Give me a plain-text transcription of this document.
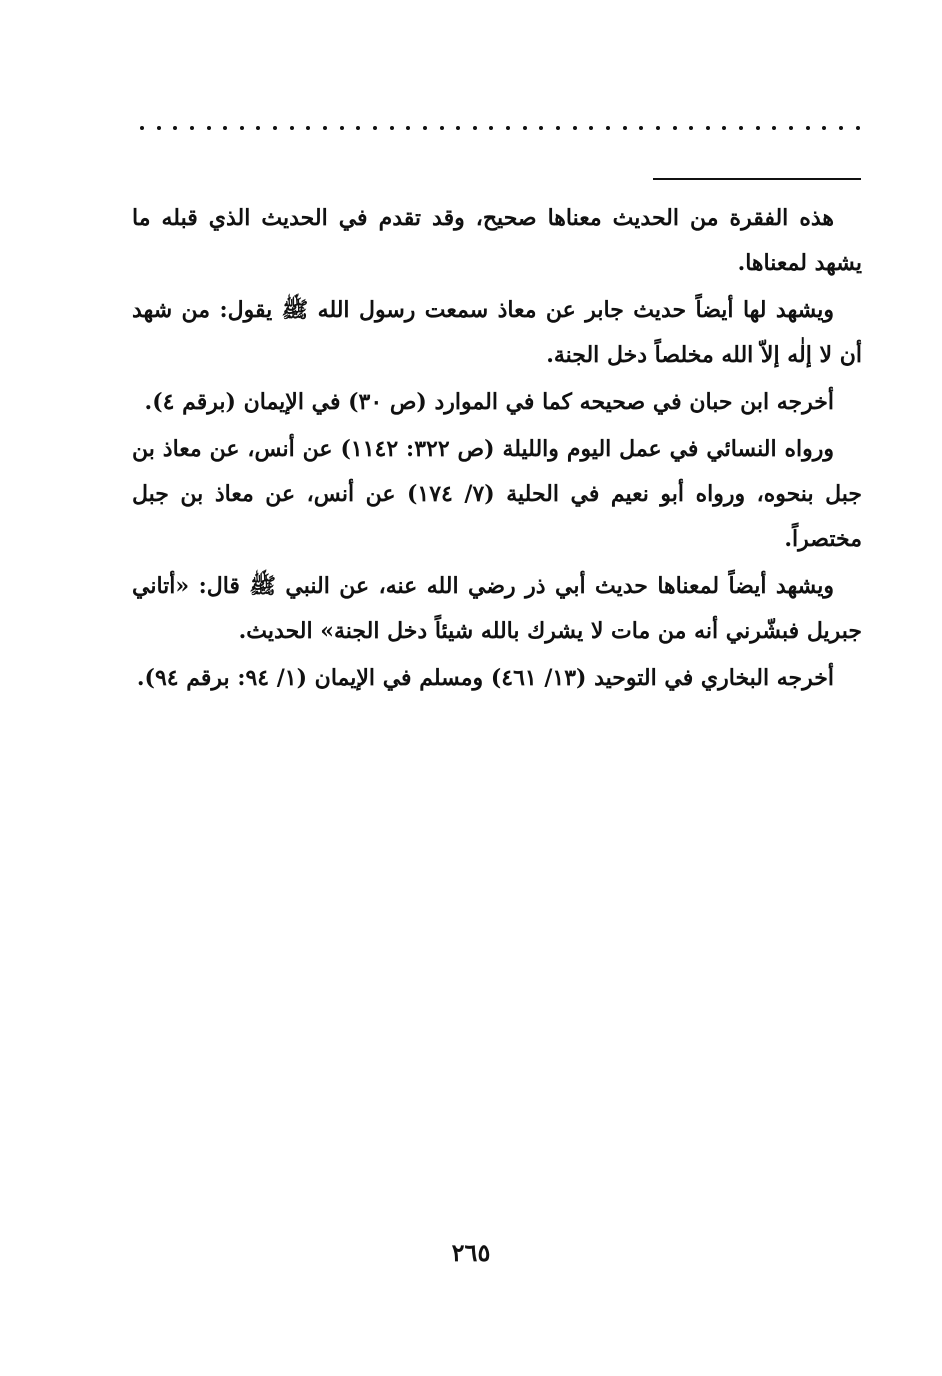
هذه الفقرة من الحديث معناها صحيح، وقد تقدم في الحديث الذي قبله ما يشهد لمعناها.

ويشهد لها أيضاً حديث جابر عن معاذ سمعت رسول الله ﷺ يقول: من شهد أن لا إلٰه إلاّ الله مخلصاً دخل الجنة.

أخرجه ابن حبان في صحيحه كما في الموارد (ص ٣٠) في الإيمان (برقم ٤).

ورواه النسائي في عمل اليوم والليلة (ص ٣٢٢: ١١٤٢) عن أنس، عن معاذ بن جبل بنحوه، ورواه أبو نعيم في الحلية (٧/ ١٧٤) عن أنس، عن معاذ بن جبل مختصراً.

ويشهد أيضاً لمعناها حديث أبي ذر رضي الله عنه، عن النبي ﷺ قال: «أتاني جبريل فبشّرني أنه من مات لا يشرك بالله شيئاً دخل الجنة» الحديث.

أخرجه البخاري في التوحيد (١٣/ ٤٦١) ومسلم في الإيمان (١/ ٩٤: برقم ٩٤).

٢٦٥
